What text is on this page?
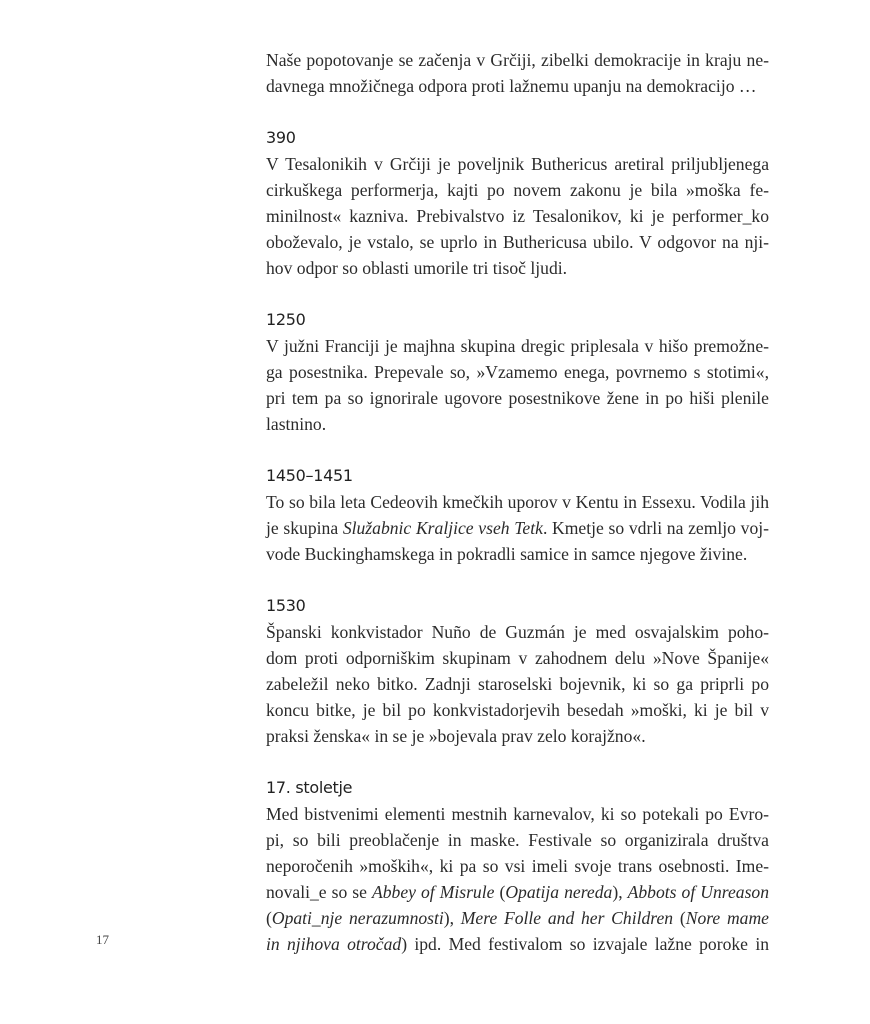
Naše popotovanje se začenja v Grčiji, zibelki demokracije in kraju ne-
davnega množičnega odpora proti lažnemu upanju na demokracijo …
390
V Tesalonikih v Grčiji je poveljnik Buthericus aretiral priljubljenega
cirkuškega performerja, kajti po novem zakonu je bila »moška fe-
minilnost« kazniva. Prebivalstvo iz Tesalonikov, ki je performer_ko
oboževalo, je vstalo, se uprlo in Buthericusa ubilo. V odgovor na nji-
hov odpor so oblasti umorile tri tisoč ljudi.
1250
V južni Franciji je majhna skupina dregic priplesala v hišo premožne-
ga posestnika. Prepevale so, »Vzamemo enega, povrnemo s stotimi«,
pri tem pa so ignorirale ugovore posestnikove žene in po hiši plenile
lastnino.
1450–1451
To so bila leta Cedeovih kmečkih uporov v Kentu in Essexu. Vodila jih
je skupina Služabnic Kraljice vseh Tetk. Kmetje so vdrli na zemljo voj-
vode Buckinghamskega in pokradli samice in samce njegove živine.
1530
Španski konkvistador Nuño de Guzmán je med osvajalskim poho-
dom proti odporniškim skupinam v zahodnem delu »Nove Španije«
zabeležil neko bitko. Zadnji staroselski bojevnik, ki so ga priprli po
koncu bitke, je bil po konkvistadorjevih besedah »moški, ki je bil v
praksi ženska« in se je »bojevala prav zelo korajžno«.
17. stoletje
Med bistvenimi elementi mestnih karnevalov, ki so potekali po Evro-
pi, so bili preoblačenje in maske. Festivale so organizirala društva
neporočenih »moških«, ki pa so vsi imeli svoje trans osebnosti. Ime-
novali_e so se Abbey of Misrule (Opatija nereda), Abbots of Unreason
(Opati_nje nerazumnosti), Mere Folle and her Children (Nore mame
in njihova otročad) ipd. Med festivalom so izvajale lažne poroke in
17
